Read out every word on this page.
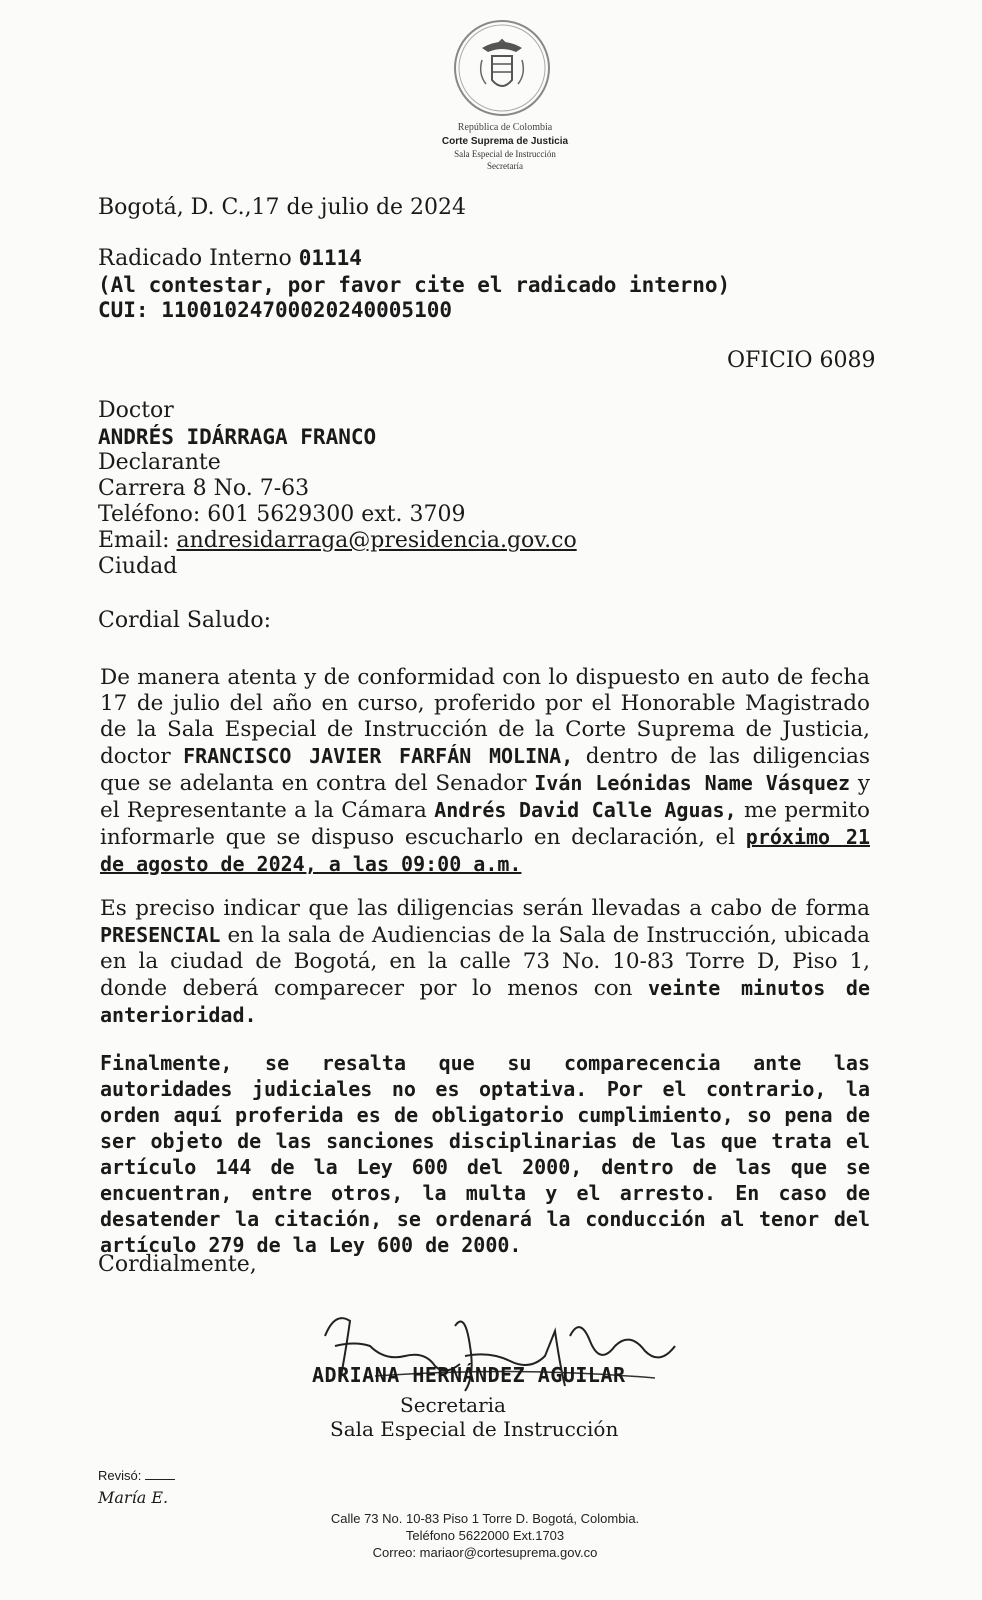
República de Colombia
Corte Suprema de Justicia
Sala Especial de Instrucción
Secretaría
Bogotá, D. C.,17 de julio de 2024
Radicado Interno 01114
(Al contestar, por favor cite el radicado interno)
CUI: 11001024700020240005100
OFICIO 6089
Doctor
ANDRÉS IDÁRRAGA FRANCO
Declarante
Carrera 8 No. 7-63
Teléfono: 601 5629300 ext. 3709
Email: andresidarraga@presidencia.gov.co
Ciudad
Cordial Saludo:
De manera atenta y de conformidad con lo dispuesto en auto de fecha 17 de julio del año en curso, proferido por el Honorable Magistrado de la Sala Especial de Instrucción de la Corte Suprema de Justicia, doctor FRANCISCO JAVIER FARFÁN MOLINA, dentro de las diligencias que se adelanta en contra del Senador Iván Leónidas Name Vásquez y el Representante a la Cámara Andrés David Calle Aguas, me permito informarle que se dispuso escucharlo en declaración, el próximo 21 de agosto de 2024, a las 09:00 a.m.
Es preciso indicar que las diligencias serán llevadas a cabo de forma PRESENCIAL en la sala de Audiencias de la Sala de Instrucción, ubicada en la ciudad de Bogotá, en la calle 73 No. 10-83 Torre D, Piso 1, donde deberá comparecer por lo menos con veinte minutos de anterioridad.
Finalmente, se resalta que su comparecencia ante las autoridades judiciales no es optativa. Por el contrario, la orden aquí proferida es de obligatorio cumplimiento, so pena de ser objeto de las sanciones disciplinarias de las que trata el artículo 144 de la Ley 600 del 2000, dentro de las que se encuentran, entre otros, la multa y el arresto. En caso de desatender la citación, se ordenará la conducción al tenor del artículo 279 de la Ley 600 de 2000.
Cordialmente,
ADRIANA HERNÁNDEZ AGUILAR
Secretaria
Sala Especial de Instrucción
Revisó:
María E.
Calle 73 No. 10-83 Piso 1 Torre D. Bogotá, Colombia.
Teléfono 5622000 Ext.1703
Correo: mariaor@cortesuprema.gov.co
